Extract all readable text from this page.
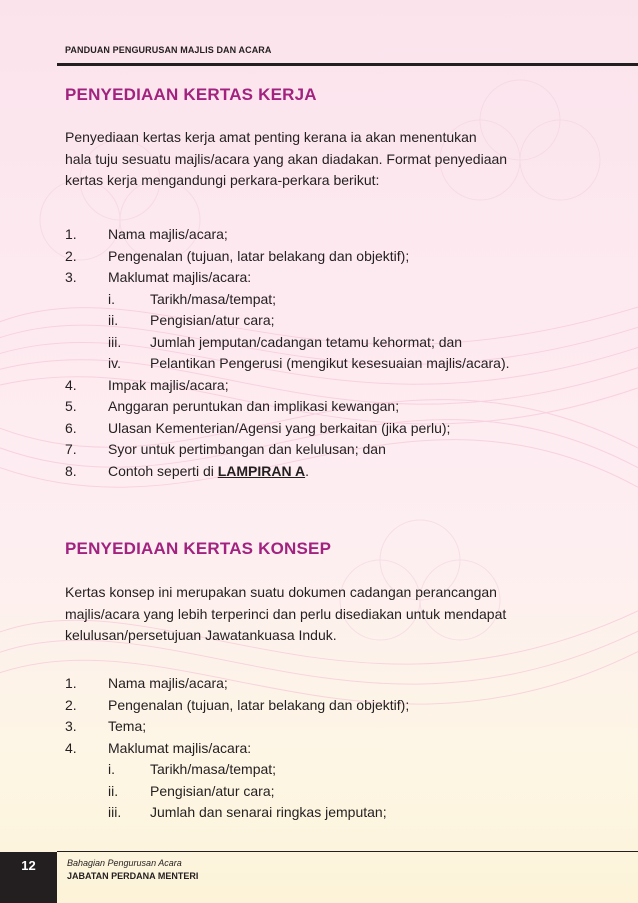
PANDUAN PENGURUSAN MAJLIS DAN ACARA
PENYEDIAAN KERTAS KERJA
Penyediaan kertas kerja amat penting kerana ia akan menentukan
hala tuju sesuatu majlis/acara yang akan diadakan. Format penyediaan
kertas kerja mengandungi perkara-perkara berikut:
1. Nama majlis/acara;
2. Pengenalan (tujuan, latar belakang dan objektif);
3. Maklumat majlis/acara:
i.	Tarikh/masa/tempat;
ii. Pengisian/atur cara;
iii. Jumlah jemputan/cadangan tetamu kehormat; dan
iv. Pelantikan Pengerusi (mengikut kesesuaian majlis/acara).
4. Impak majlis/acara;
5. Anggaran peruntukan dan implikasi kewangan;
6. Ulasan Kementerian/Agensi yang berkaitan (jika perlu);
7. Syor untuk pertimbangan dan kelulusan; dan
8. Contoh seperti di LAMPIRAN A.
PENYEDIAAN KERTAS KONSEP
Kertas konsep ini merupakan suatu dokumen cadangan perancangan
majlis/acara yang lebih terperinci dan perlu disediakan untuk mendapat
kelulusan/persetujuan Jawatankuasa Induk.
1. Nama majlis/acara;
2. Pengenalan (tujuan, latar belakang dan objektif);
3. Tema;
4. Maklumat majlis/acara:
i.	Tarikh/masa/tempat;
ii. Pengisian/atur cara;
iii. Jumlah dan senarai ringkas jemputan;
12	Bahagian Pengurusan Acara
JABATAN PERDANA MENTERI
